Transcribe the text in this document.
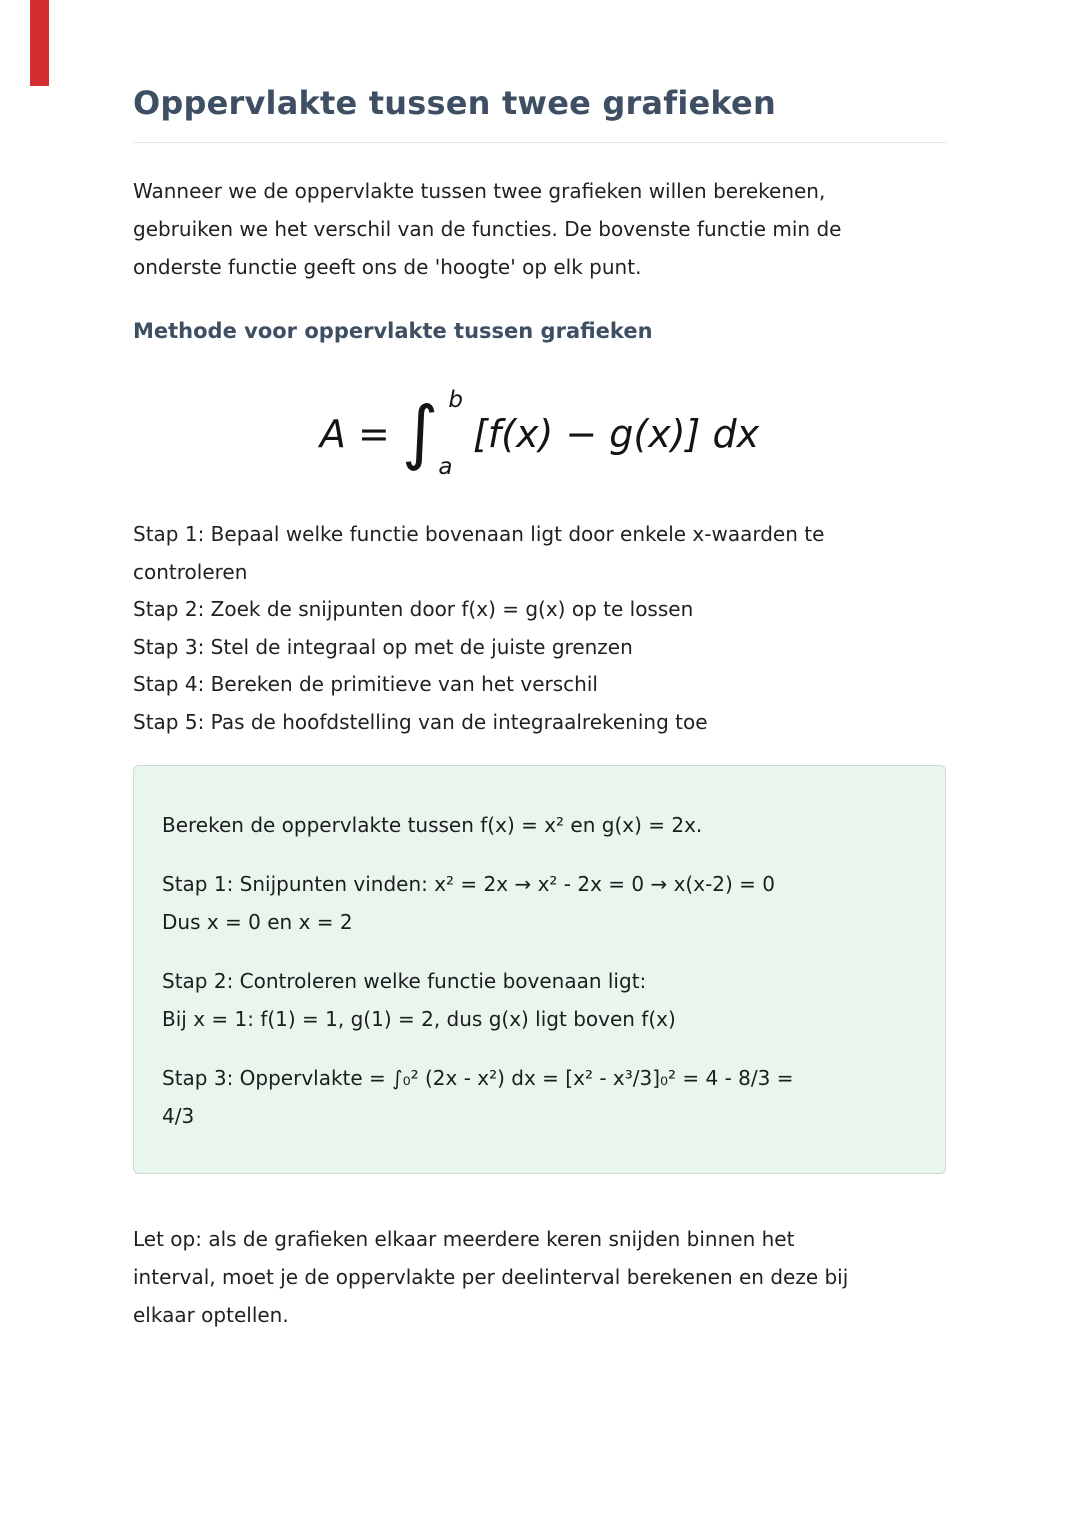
Oppervlakte tussen twee grafieken
Wanneer we de oppervlakte tussen twee grafieken willen berekenen,
gebruiken we het verschil van de functies. De bovenste functie min de
onderste functie geeft ons de 'hoogte' op elk punt.
Methode voor oppervlakte tussen grafieken
A = ∫ b
a
[f(x) − g(x)] dx
Stap 1: Bepaal welke functie bovenaan ligt door enkele x-waarden te
controleren
Stap 2: Zoek de snijpunten door f(x) = g(x) op te lossen
Stap 3: Stel de integraal op met de juiste grenzen
Stap 4: Bereken de primitieve van het verschil
Stap 5: Pas de hoofdstelling van de integraalrekening toe

Bereken de oppervlakte tussen f(x) = x² en g(x) = 2x.

Stap 1: Snijpunten vinden: x² = 2x → x² - 2x = 0 → x(x-2) = 0
Dus x = 0 en x = 2
Stap 2: Controleren welke functie bovenaan ligt:
Bij x = 1: f(1) = 1, g(1) = 2, dus g(x) ligt boven f(x)
Stap 3: Oppervlakte = ∫₀² (2x - x²) dx = [x² - x³/3]₀² = 4 - 8/3 =
4/3
Let op: als de grafieken elkaar meerdere keren snijden binnen het
interval, moet je de oppervlakte per deelinterval berekenen en deze bij
elkaar optellen.
